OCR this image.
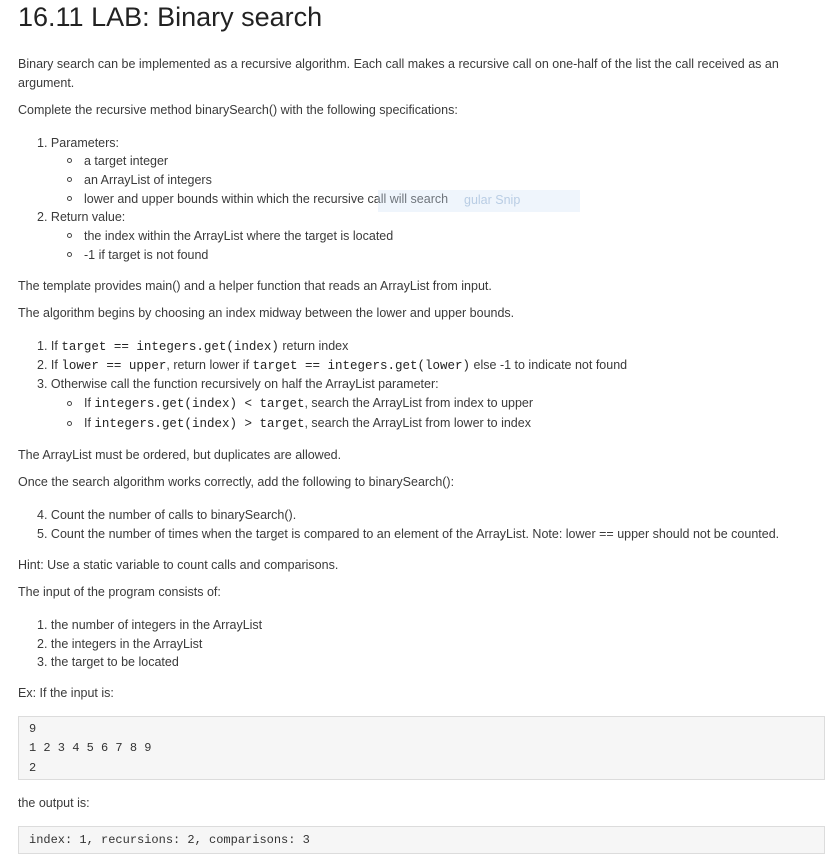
16.11 LAB: Binary search
Binary search can be implemented as a recursive algorithm. Each call makes a recursive call on one-half of the list the call received as an argument.
Complete the recursive method binarySearch() with the following specifications:
1. Parameters:
a target integer
an ArrayList of integers
lower and upper bounds within which the recursive call will search gular Snip
2. Return value:
the index within the ArrayList where the target is located
-1 if target is not found
The template provides main() and a helper function that reads an ArrayList from input.
The algorithm begins by choosing an index midway between the lower and upper bounds.
1. If target == integers.get(index) return index
2. If lower == upper, return lower if target == integers.get(lower) else -1 to indicate not found
3. Otherwise call the function recursively on half the ArrayList parameter:
If integers.get(index) < target, search the ArrayList from index to upper
If integers.get(index) > target, search the ArrayList from lower to index
The ArrayList must be ordered, but duplicates are allowed.
Once the search algorithm works correctly, add the following to binarySearch():
4. Count the number of calls to binarySearch().
5. Count the number of times when the target is compared to an element of the ArrayList. Note: lower == upper should not be counted.
Hint: Use a static variable to count calls and comparisons.
The input of the program consists of:
1. the number of integers in the ArrayList
2. the integers in the ArrayList
3. the target to be located
Ex: If the input is:
9
1 2 3 4 5 6 7 8 9
2
the output is:
index: 1, recursions: 2, comparisons: 3
